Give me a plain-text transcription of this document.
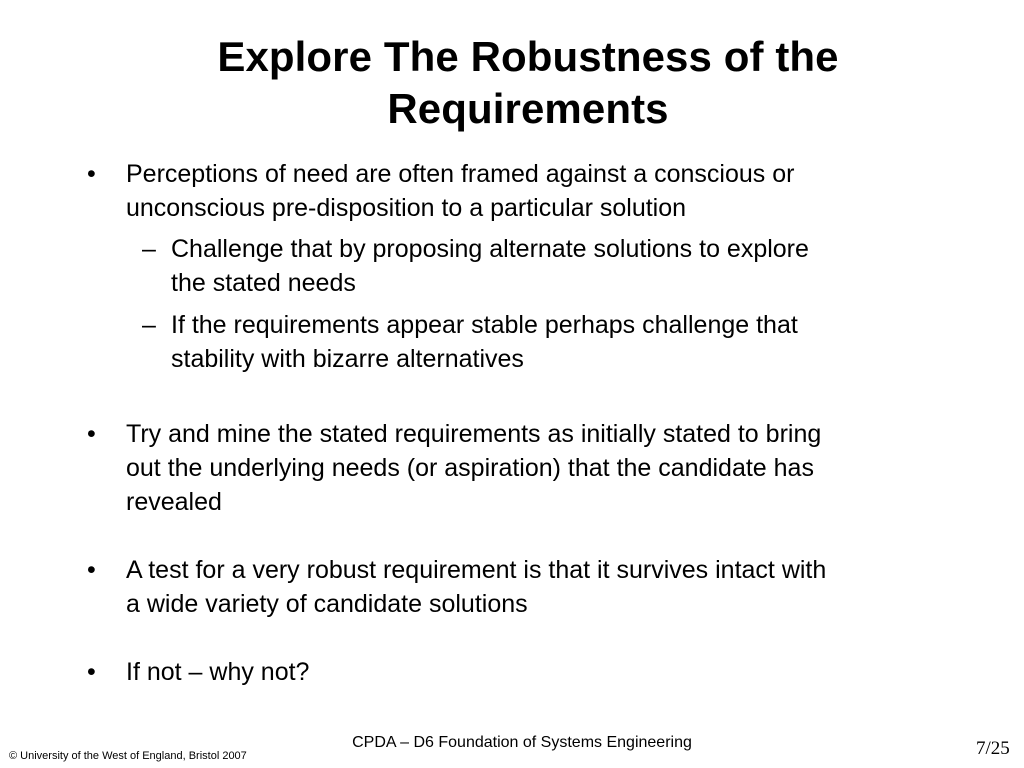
Explore The Robustness of the Requirements
•	Perceptions of need are often framed against a conscious or
unconscious pre-disposition to a particular solution
– Challenge that by proposing alternate solutions to explore
the stated needs
– If the requirements appear stable perhaps challenge that
stability with bizarre alternatives
•	Try and mine the stated requirements as initially stated to bring
out the underlying needs (or aspiration) that the candidate has
revealed
•	A test for a very robust requirement is that it survives intact with
a wide variety of candidate solutions
•	If not – why not?
CPDA – D6 Foundation of Systems Engineering
© University of the West of England, Bristol 2007	7/25
